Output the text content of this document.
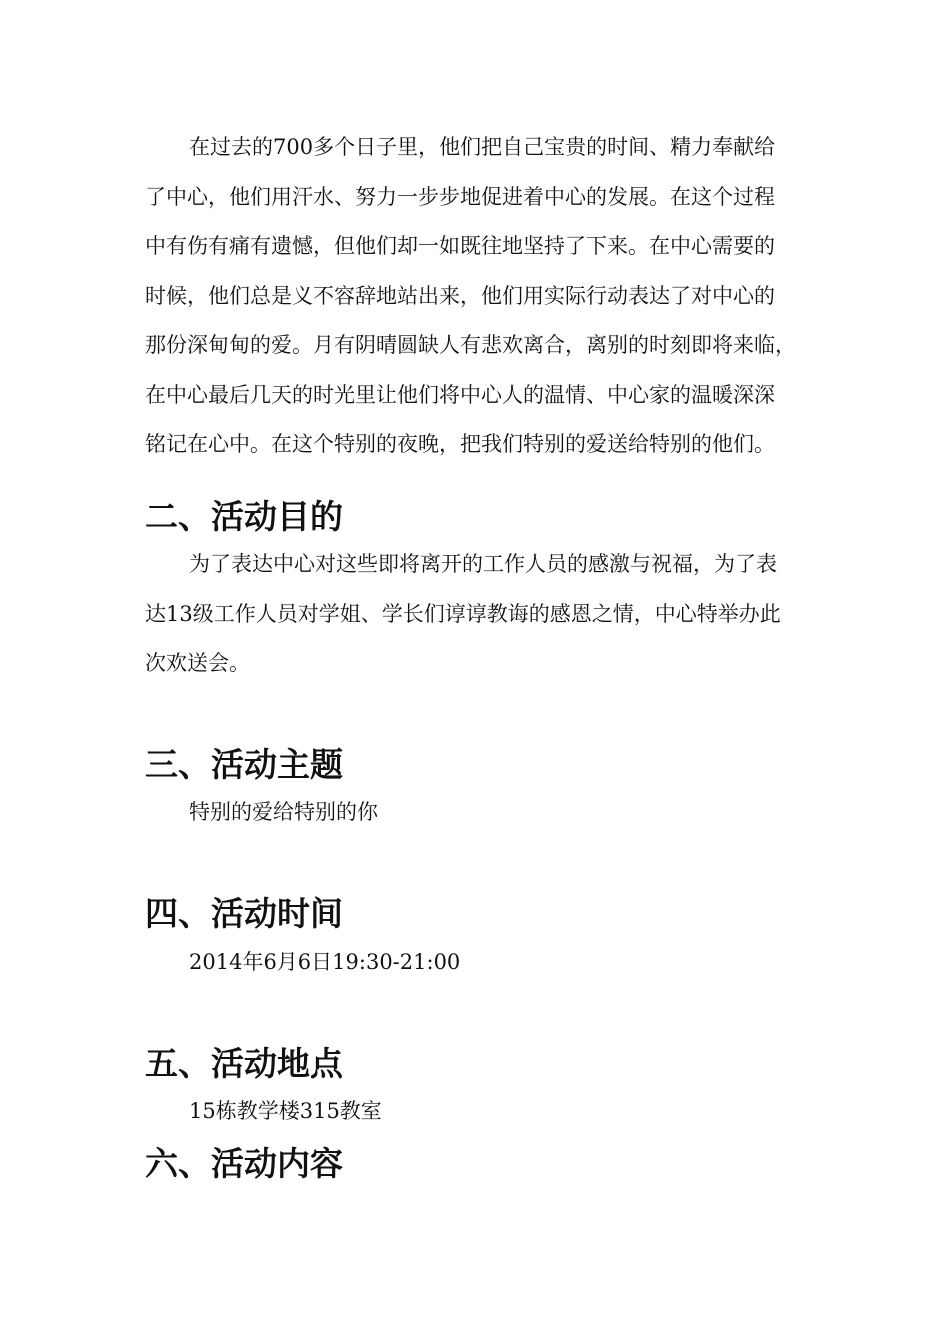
在过去的700多个日子里，他们把自己宝贵的时间、精力奉献给
了中心，他们用汗水、努力一步步地促进着中心的发展。在这个过程
中有伤有痛有遗憾，但他们却一如既往地坚持了下来。在中心需要的
时候，他们总是义不容辞地站出来，他们用实际行动表达了对中心的
那份深甸甸的爱。月有阴晴圆缺人有悲欢离合，离别的时刻即将来临，
在中心最后几天的时光里让他们将中心人的温情、中心家的温暖深深
铭记在心中。在这个特别的夜晚，把我们特别的爱送给特别的他们。
二、活动目的
为了表达中心对这些即将离开的工作人员的感激与祝福，为了表
达13级工作人员对学姐、学长们谆谆教诲的感恩之情，中心特举办此
次欢送会。
三、活动主题
特别的爱给特别的你
四、活动时间
2014年6月6日19:30-21:00
五、活动地点
15栋教学楼315教室
六、活动内容
